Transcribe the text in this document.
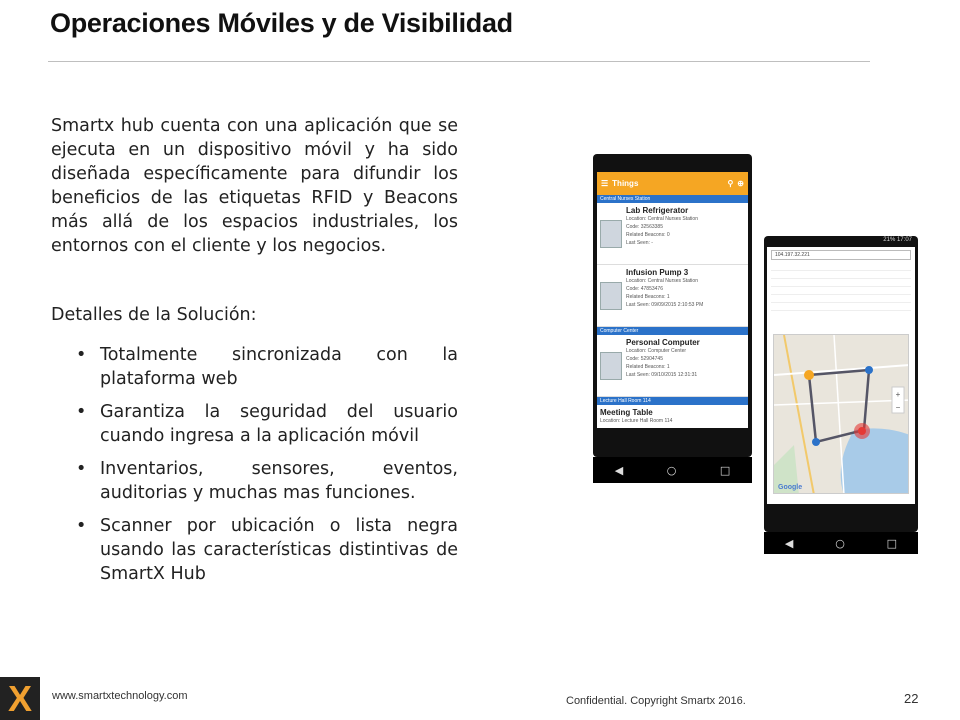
Operaciones Móviles y de Visibilidad

Smartx hub cuenta con una aplicación que se ejecuta en un dispositivo móvil y ha sido diseñada específicamente para difundir los beneficios de las etiquetas RFID y Beacons más allá de los espacios industriales, los entornos con el cliente y los negocios.

Detalles de la Solución:

• Totalmente sincronizada con la plataforma web
• Garantiza la seguridad del usuario cuando ingresa a la aplicación móvil
• Inventarios, sensores, eventos, auditorias y muchas mas funciones.
• Scanner por ubicación o lista negra usando las características distintivas de SmartX Hub
☰ Things	⚲ ⊕
Central Nurses Station
Lab Refrigerator
Location: Central Nurses Station
Code: 32563385
Related Beacons: 0
Last Seen: -
Infusion Pump 3
Location: Central Nurses Station
Code: 47853476
Related Beacons: 1
Last Seen: 09/09/2015 2:10:53 PM
Computer Center
Personal Computer
Location: Computer Center
Code: 52904745
Related Beacons: 1
Last Seen: 09/10/2015 12:31:31
Lecture Hall Room 114
Meeting Table
Location: Lecture Hall Room 114
◀	○	□
21% 17:07
104.197.32.221
+
−
Google
◀	○	□
X	www.smartxtechnology.com	Confidential. Copyright Smartx 2016.	22
